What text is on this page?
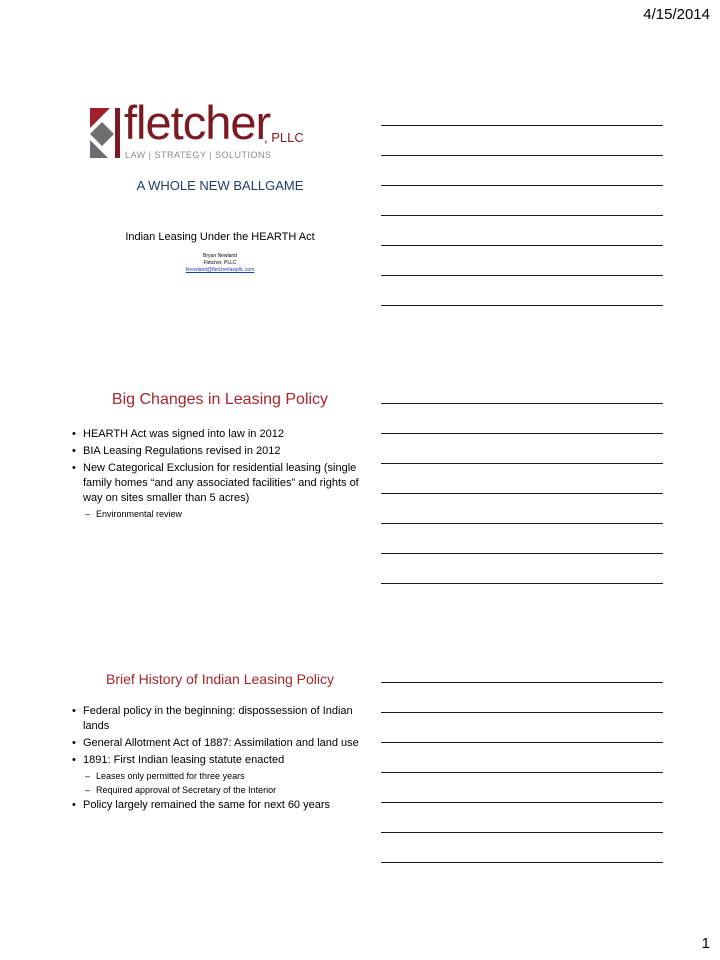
4/15/2014
fletcher
, PLLC
LAW | STRATEGY | SOLUTIONS
A WHOLE NEW BALLGAME
Indian Leasing Under the HEARTH Act
Bryan Newland
Fletcher, PLLC
bnewland@fletcherlawpllc.com
Big Changes in Leasing Policy
• HEARTH Act was signed into law in 2012
• BIA Leasing Regulations revised in 2012
• New Categorical Exclusion for residential leasing (single family homes “and any associated facilities” and rights of way on sites smaller than 5 acres)
– Environmental review
Brief History of Indian Leasing Policy
• Federal policy in the beginning: dispossession of Indian lands
• General Allotment Act of 1887: Assimilation and land use
• 1891: First Indian leasing statute enacted
– Leases only permitted for three years
– Required approval of Secretary of the Interior
• Policy largely remained the same for next 60 years
1
